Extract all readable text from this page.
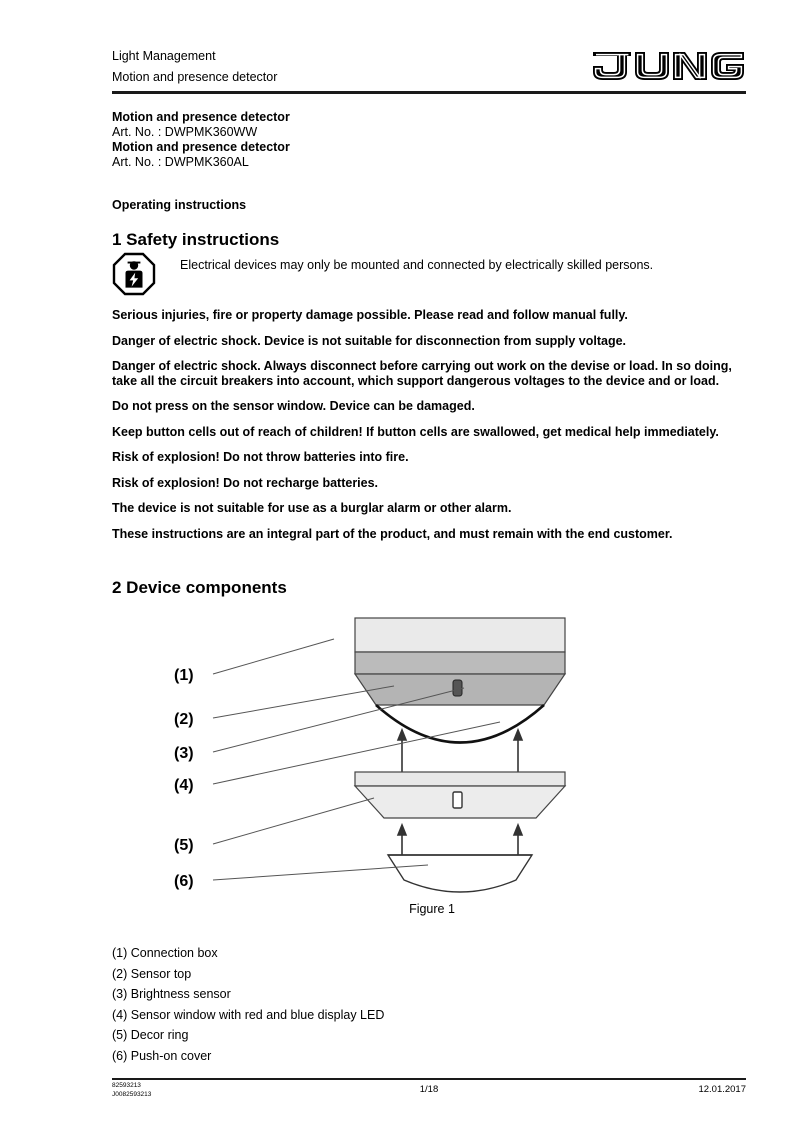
Light Management
Motion and presence detector
Motion and presence detector
Art. No. : DWPMK360WW
Motion and presence detector
Art. No. : DWPMK360AL
Operating instructions
1 Safety instructions
Electrical devices may only be mounted and connected by electrically skilled persons.
Serious injuries, fire or property damage possible. Please read and follow manual fully.
Danger of electric shock. Device is not suitable for disconnection from supply voltage.
Danger of electric shock. Always disconnect before carrying out work on the devise or load. In so doing, take all the circuit breakers into account, which support dangerous voltages to the device and or load.
Do not press on the sensor window. Device can be damaged.
Keep button cells out of reach of children! If button cells are swallowed, get medical help immediately.
Risk of explosion! Do not throw batteries into fire.
Risk of explosion! Do not recharge batteries.
The device is not suitable for use as a burglar alarm or other alarm.
These instructions are an integral part of the product, and must remain with the end customer.
2 Device components
(1)
(2)
(3)
(4)
(5)
(6)
Figure 1
(1) Connection box
(2) Sensor top
(3) Brightness sensor
(4) Sensor window with red and blue display LED
(5) Decor ring
(6) Push-on cover
82593213
J0082593213	1/18	12.01.2017
